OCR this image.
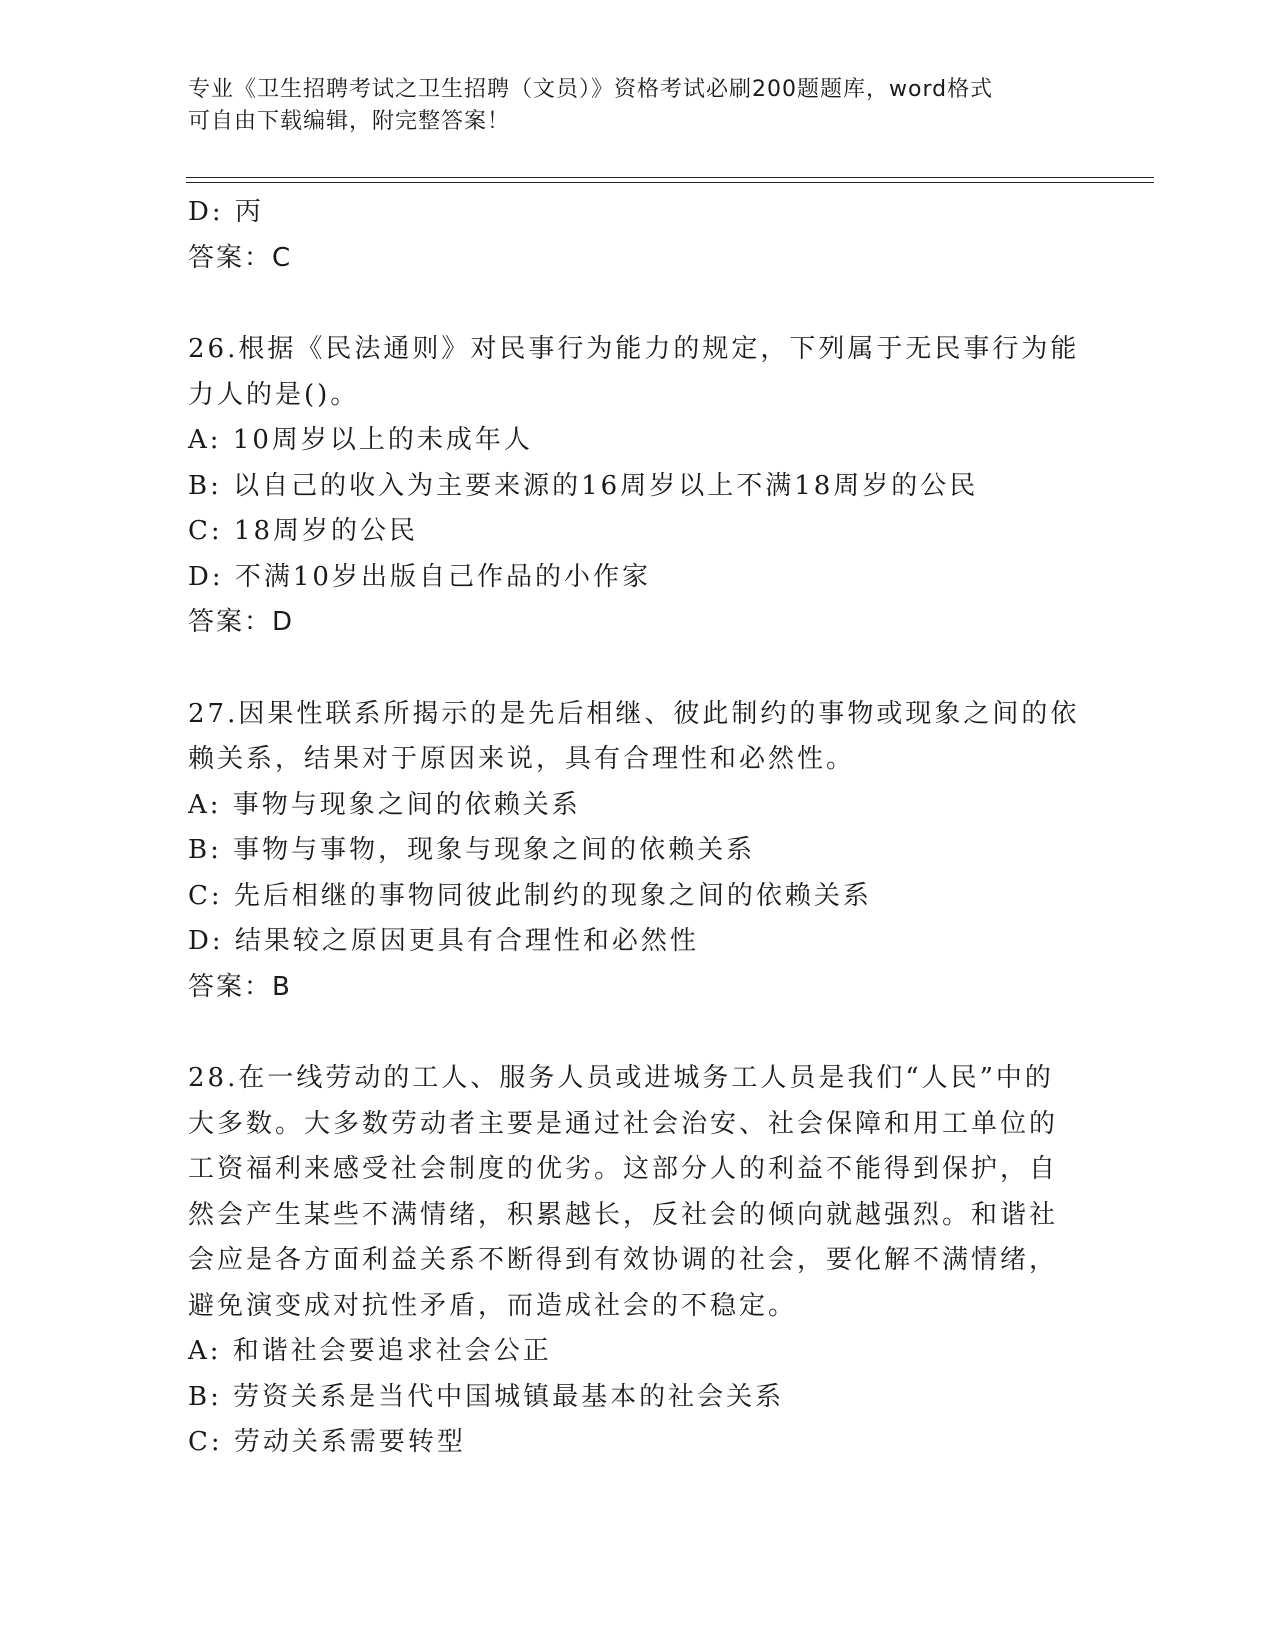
专业《卫生招聘考试之卫生招聘（文员）》资格考试必刷200题题库，word格式
可自由下载编辑，附完整答案！
D: 丙
答案：C
26.根据《民法通则》对民事行为能力的规定，下列属于无民事行为能
力人的是()。
A: 10周岁以上的未成年人
B: 以自己的收入为主要来源的16周岁以上不满18周岁的公民
C: 18周岁的公民
D: 不满10岁出版自己作品的小作家
答案：D
27.因果性联系所揭示的是先后相继、彼此制约的事物或现象之间的依
赖关系，结果对于原因来说，具有合理性和必然性。
A: 事物与现象之间的依赖关系
B: 事物与事物，现象与现象之间的依赖关系
C: 先后相继的事物同彼此制约的现象之间的依赖关系
D: 结果较之原因更具有合理性和必然性
答案：B
28.在一线劳动的工人、服务人员或进城务工人员是我们“人民”中的
大多数。大多数劳动者主要是通过社会治安、社会保障和用工单位的
工资福利来感受社会制度的优劣。这部分人的利益不能得到保护，自
然会产生某些不满情绪，积累越长，反社会的倾向就越强烈。和谐社
会应是各方面利益关系不断得到有效协调的社会，要化解不满情绪，
避免演变成对抗性矛盾，而造成社会的不稳定。
A: 和谐社会要追求社会公正
B: 劳资关系是当代中国城镇最基本的社会关系
C: 劳动关系需要转型
